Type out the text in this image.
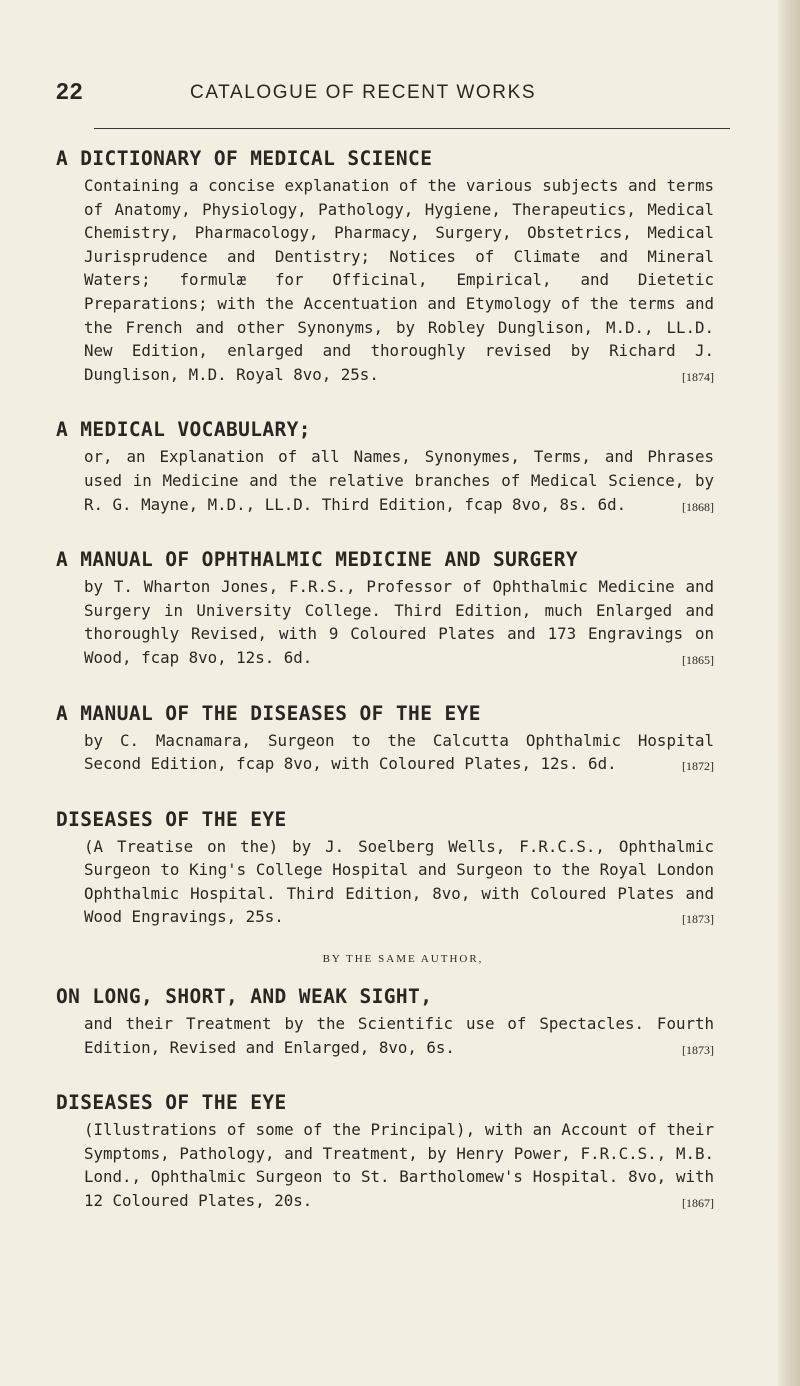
22	CATALOGUE OF RECENT WORKS
A DICTIONARY OF MEDICAL SCIENCE
Containing a concise explanation of the various subjects and terms of Anatomy, Physiology, Pathology, Hygiene, Therapeutics, Medical Chemistry, Pharmacology, Pharmacy, Surgery, Obstetrics, Medical Jurisprudence and Dentistry; Notices of Climate and Mineral Waters; formulæ for Officinal, Empirical, and Dietetic Preparations; with the Accentuation and Etymology of the terms and the French and other Synonyms, by Robley Dunglison, M.D., LL.D. New Edition, enlarged and thoroughly revised by Richard J. Dunglison, M.D. Royal 8vo, 25s.	[1874]
A MEDICAL VOCABULARY;
or, an Explanation of all Names, Synonymes, Terms, and Phrases used in Medicine and the relative branches of Medical Science, by R. G. Mayne, M.D., LL.D. Third Edition, fcap 8vo, 8s. 6d.	[1868]
A MANUAL OF OPHTHALMIC MEDICINE AND SURGERY
by T. Wharton Jones, F.R.S., Professor of Ophthalmic Medicine and Surgery in University College. Third Edition, much Enlarged and thoroughly Revised, with 9 Coloured Plates and 173 Engravings on Wood, fcap 8vo, 12s. 6d.	[1865]
A MANUAL OF THE DISEASES OF THE EYE
by C. Macnamara, Surgeon to the Calcutta Ophthalmic Hospital Second Edition, fcap 8vo, with Coloured Plates, 12s. 6d.	[1872]
DISEASES OF THE EYE
(A Treatise on the) by J. Soelberg Wells, F.R.C.S., Ophthalmic Surgeon to King's College Hospital and Surgeon to the Royal London Ophthalmic Hospital. Third Edition, 8vo, with Coloured Plates and Wood Engravings, 25s.	[1873]
BY THE SAME AUTHOR,
ON LONG, SHORT, AND WEAK SIGHT,
and their Treatment by the Scientific use of Spectacles. Fourth Edition, Revised and Enlarged, 8vo, 6s.	[1873]
DISEASES OF THE EYE
(Illustrations of some of the Principal), with an Account of their Symptoms, Pathology, and Treatment, by Henry Power, F.R.C.S., M.B. Lond., Ophthalmic Surgeon to St. Bartholomew's Hospital. 8vo, with 12 Coloured Plates, 20s.	[1867]
